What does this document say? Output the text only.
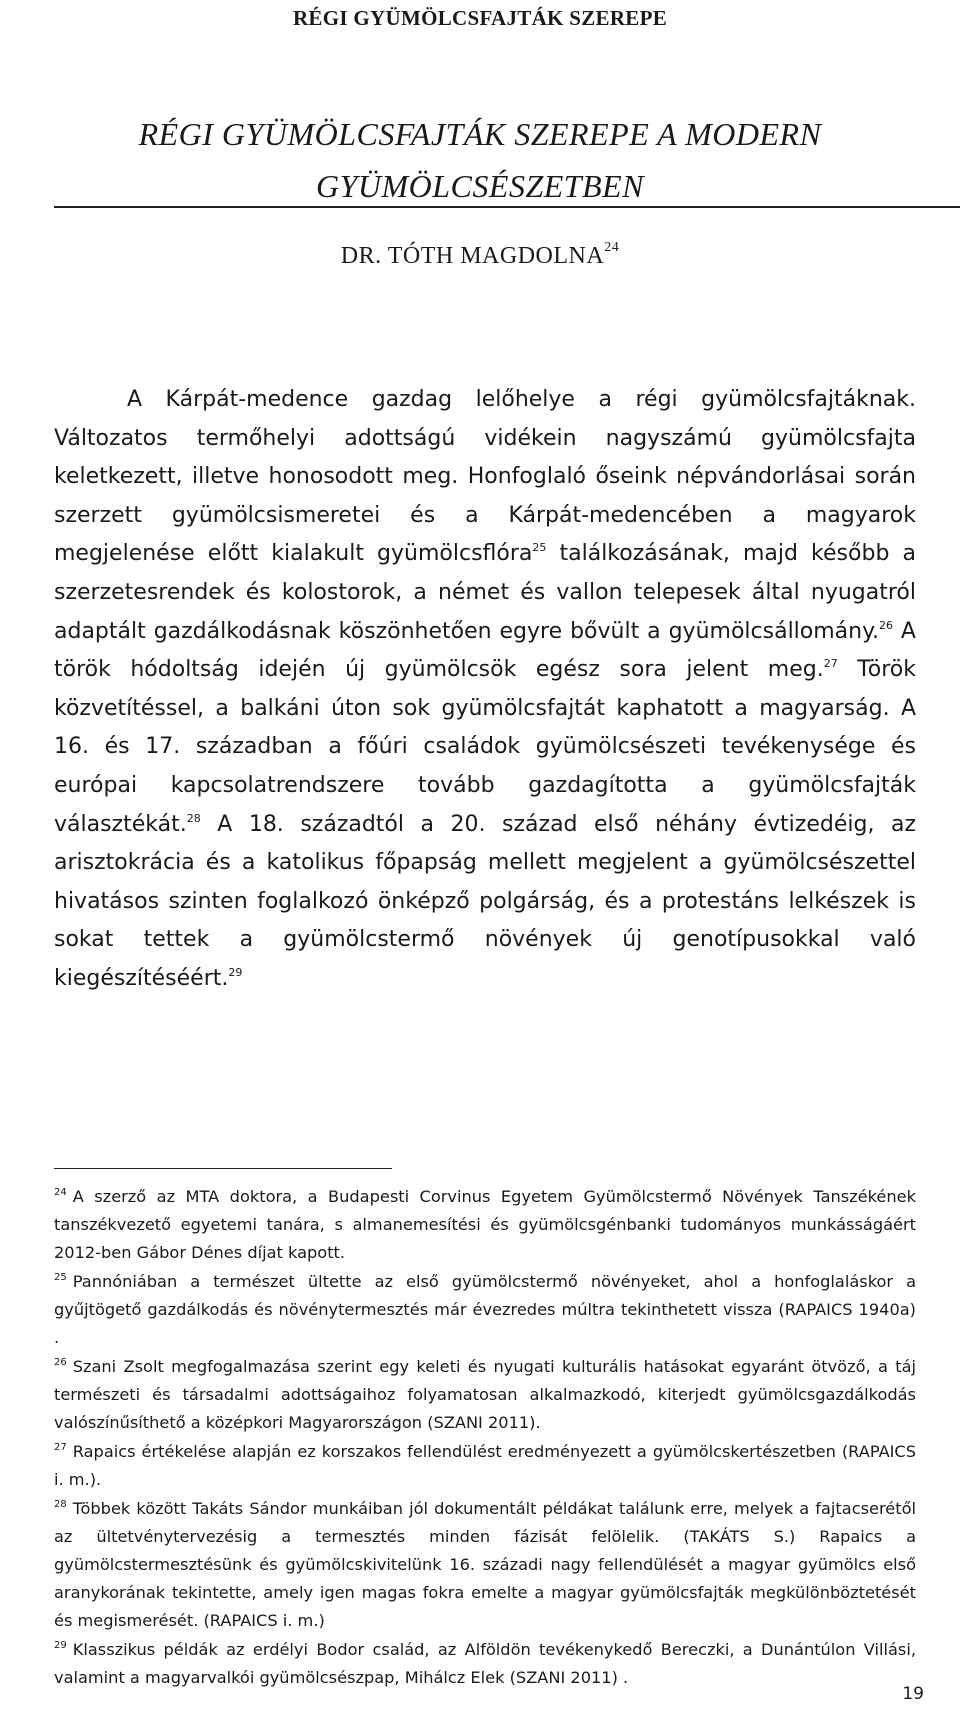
RÉGI GYÜMÖLCSFAJTÁK SZEREPE
RÉGI GYÜMÖLCSFAJTÁK SZEREPE A MODERN
GYÜMÖLCSÉSZETBEN
DR. TÓTH MAGDOLNA$^{24}$

A Kárpát-medence gazdag lelőhelye a régi gyümölcsfajtáknak. Változatos termőhelyi adottságú vidékein nagyszámú gyümölcsfajta keletkezett, illetve honosodott meg. Honfoglaló őseink népvándorlásai során szerzett gyümölcsismeretei és a Kárpát-medencében a magyarok megjelenése előtt kialakult gyümölcsflóra$^{25}$ találkozásának, majd később a szerzetesrendek és kolostorok, a német és vallon telepesek által nyugatról adaptált gazdálkodásnak köszönhetően egyre bővült a gyümölcsállomány.$^{26}$ A török hódoltság idején új gyümölcsök egész sora jelent meg.$^{27}$ Török közvetítéssel, a balkáni úton sok gyümölcsfajtát kaphatott a magyarság. A 16. és 17. században a főúri családok gyümölcsészeti tevékenysége és európai kapcsolatrendszere tovább gazdagította a gyümölcsfajták választékát.$^{28}$ A 18. századtól a 20. század első néhány évtizedéig, az arisztokrácia és a katolikus főpapság mellett megjelent a gyümölcsészettel hivatásos szinten foglalkozó önképző polgárság, és a protestáns lelkészek is sokat tettek a gyümölcstermő növények új genotípusokkal való kiegészítéséért.$^{29}$

$^{24}$ A szerző az MTA doktora, a Budapesti Corvinus Egyetem Gyümölcstermő Növények Tanszékének tanszékvezető egyetemi tanára, s almanemesítési és gyümölcsgénbanki tudományos munkásságáért 2012-ben Gábor Dénes díjat kapott.

$^{25}$ Pannóniában a természet ültette az első gyümölcstermő növényeket, ahol a honfoglaláskor a gyűjtögető gazdálkodás és növénytermesztés már évezredes múltra tekinthetett vissza (RAPAICS 1940a) .

$^{26}$ Szani Zsolt megfogalmazása szerint egy keleti és nyugati kulturális hatásokat egyaránt ötvöző, a táj természeti és társadalmi adottságaihoz folyamatosan alkalmazkodó, kiterjedt gyümölcsgazdálkodás valószínűsíthető a középkori Magyarországon (SZANI 2011).

$^{27}$ Rapaics értékelése alapján ez korszakos fellendülést eredményezett a gyümölcskertészetben (RAPAICS i. m.).

$^{28}$ Többek között Takáts Sándor munkáiban jól dokumentált példákat találunk erre, melyek a fajtacserétől az ültetvénytervezésig a termesztés minden fázisát felölelik. (TAKÁTS S.) Rapaics a gyümölcstermesztésünk és gyümölcskivitelünk 16. századi nagy fellendülését a magyar gyümölcs első aranykorának tekintette, amely igen magas fokra emelte a magyar gyümölcsfajták megkülönböztetését és megismerését. (RAPAICS i. m.)

$^{29}$ Klasszikus példák az erdélyi Bodor család, az Alföldön tevékenykedő Bereczki, a Dunántúlon Villási, valamint a magyarvalkói gyümölcsészpap, Mihálcz Elek (SZANI 2011) .

19
